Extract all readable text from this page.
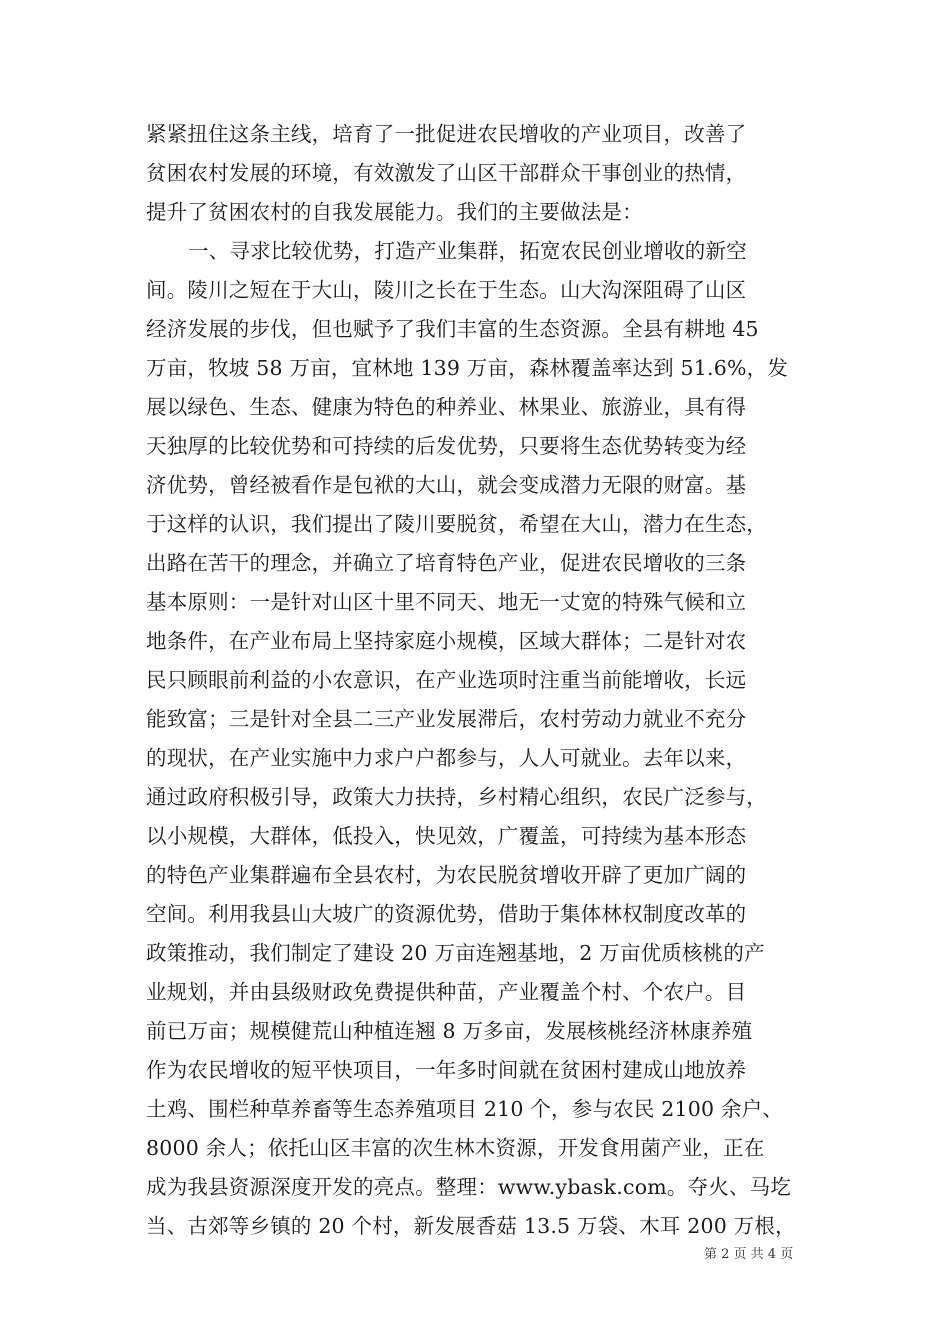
紧紧扭住这条主线，培育了一批促进农民增收的产业项目，改善了
贫困农村发展的环境，有效激发了山区干部群众干事创业的热情，
提升了贫困农村的自我发展能力。我们的主要做法是：
一、寻求比较优势，打造产业集群，拓宽农民创业增收的新空
间。陵川之短在于大山，陵川之长在于生态。山大沟深阻碍了山区
经济发展的步伐，但也赋予了我们丰富的生态资源。全县有耕地 45
万亩，牧坡 58 万亩，宜林地 139 万亩，森林覆盖率达到 51.6%，发
展以绿色、生态、健康为特色的种养业、林果业、旅游业，具有得
天独厚的比较优势和可持续的后发优势，只要将生态优势转变为经
济优势，曾经被看作是包袱的大山，就会变成潜力无限的财富。基
于这样的认识，我们提出了陵川要脱贫，希望在大山，潜力在生态，
出路在苦干的理念，并确立了培育特色产业，促进农民增收的三条
基本原则：一是针对山区十里不同天、地无一丈宽的特殊气候和立
地条件，在产业布局上坚持家庭小规模，区域大群体；二是针对农
民只顾眼前利益的小农意识，在产业选项时注重当前能增收，长远
能致富；三是针对全县二三产业发展滞后，农村劳动力就业不充分
的现状，在产业实施中力求户户都参与，人人可就业。去年以来，
通过政府积极引导，政策大力扶持，乡村精心组织，农民广泛参与，
以小规模，大群体，低投入，快见效，广覆盖，可持续为基本形态
的特色产业集群遍布全县农村，为农民脱贫增收开辟了更加广阔的
空间。利用我县山大坡广的资源优势，借助于集体林权制度改革的
政策推动，我们制定了建设 20 万亩连翘基地，2 万亩优质核桃的产
业规划，并由县级财政免费提供种苗，产业覆盖个村、个农户。目
前已万亩；规模健荒山种植连翘 8 万多亩，发展核桃经济林康养殖
作为农民增收的短平快项目，一年多时间就在贫困村建成山地放养
土鸡、围栏种草养畜等生态养殖项目 210 个，参与农民 2100 余户、
8000 余人；依托山区丰富的次生林木资源，开发食用菌产业，正在
成为我县资源深度开发的亮点。整理：www.ybask.com。夺火、马圪
当、古郊等乡镇的 20 个村，新发展香菇 13.5 万袋、木耳 200 万根，
第 2 页 共 4 页
